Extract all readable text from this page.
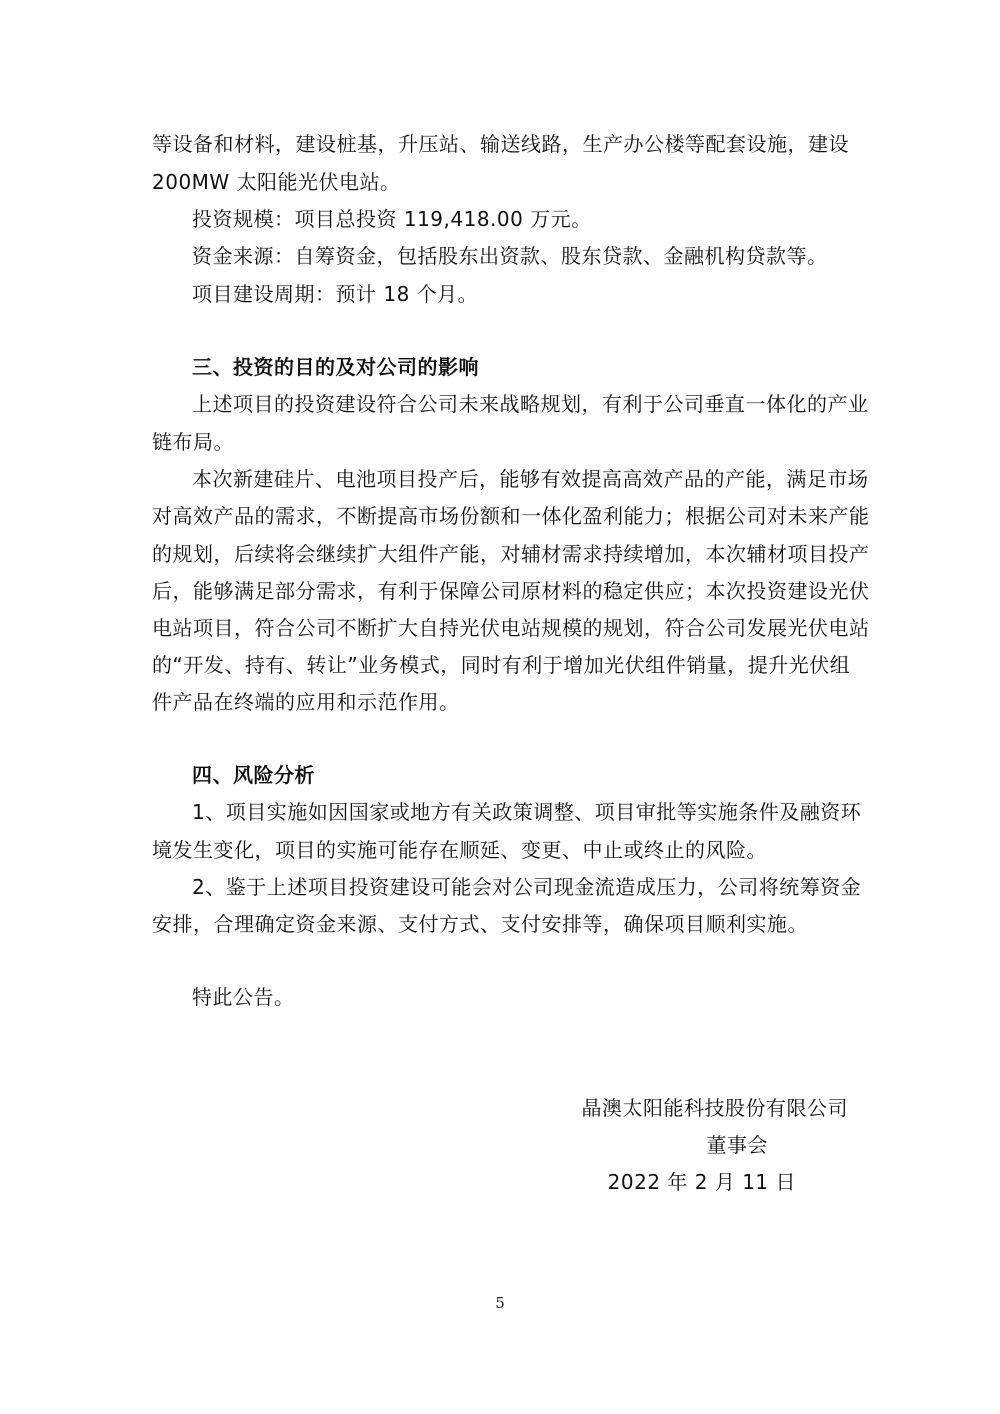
等设备和材料，建设桩基，升压站、输送线路，生产办公楼等配套设施，建设
200MW 太阳能光伏电站。
投资规模：项目总投资 119,418.00 万元。
资金来源：自筹资金，包括股东出资款、股东贷款、金融机构贷款等。
项目建设周期：预计 18 个月。
三、投资的目的及对公司的影响
上述项目的投资建设符合公司未来战略规划，有利于公司垂直一体化的产业
链布局。
本次新建硅片、电池项目投产后，能够有效提高高效产品的产能，满足市场
对高效产品的需求，不断提高市场份额和一体化盈利能力；根据公司对未来产能
的规划，后续将会继续扩大组件产能，对辅材需求持续增加，本次辅材项目投产
后，能够满足部分需求，有利于保障公司原材料的稳定供应；本次投资建设光伏
电站项目，符合公司不断扩大自持光伏电站规模的规划，符合公司发展光伏电站
的“开发、持有、转让”业务模式，同时有利于增加光伏组件销量，提升光伏组
件产品在终端的应用和示范作用。
四、风险分析
1、项目实施如因国家或地方有关政策调整、项目审批等实施条件及融资环
境发生变化，项目的实施可能存在顺延、变更、中止或终止的风险。
2、鉴于上述项目投资建设可能会对公司现金流造成压力，公司将统筹资金
安排，合理确定资金来源、支付方式、支付安排等，确保项目顺利实施。
特此公告。
晶澳太阳能科技股份有限公司
董事会
2022 年 2 月 11 日
5
